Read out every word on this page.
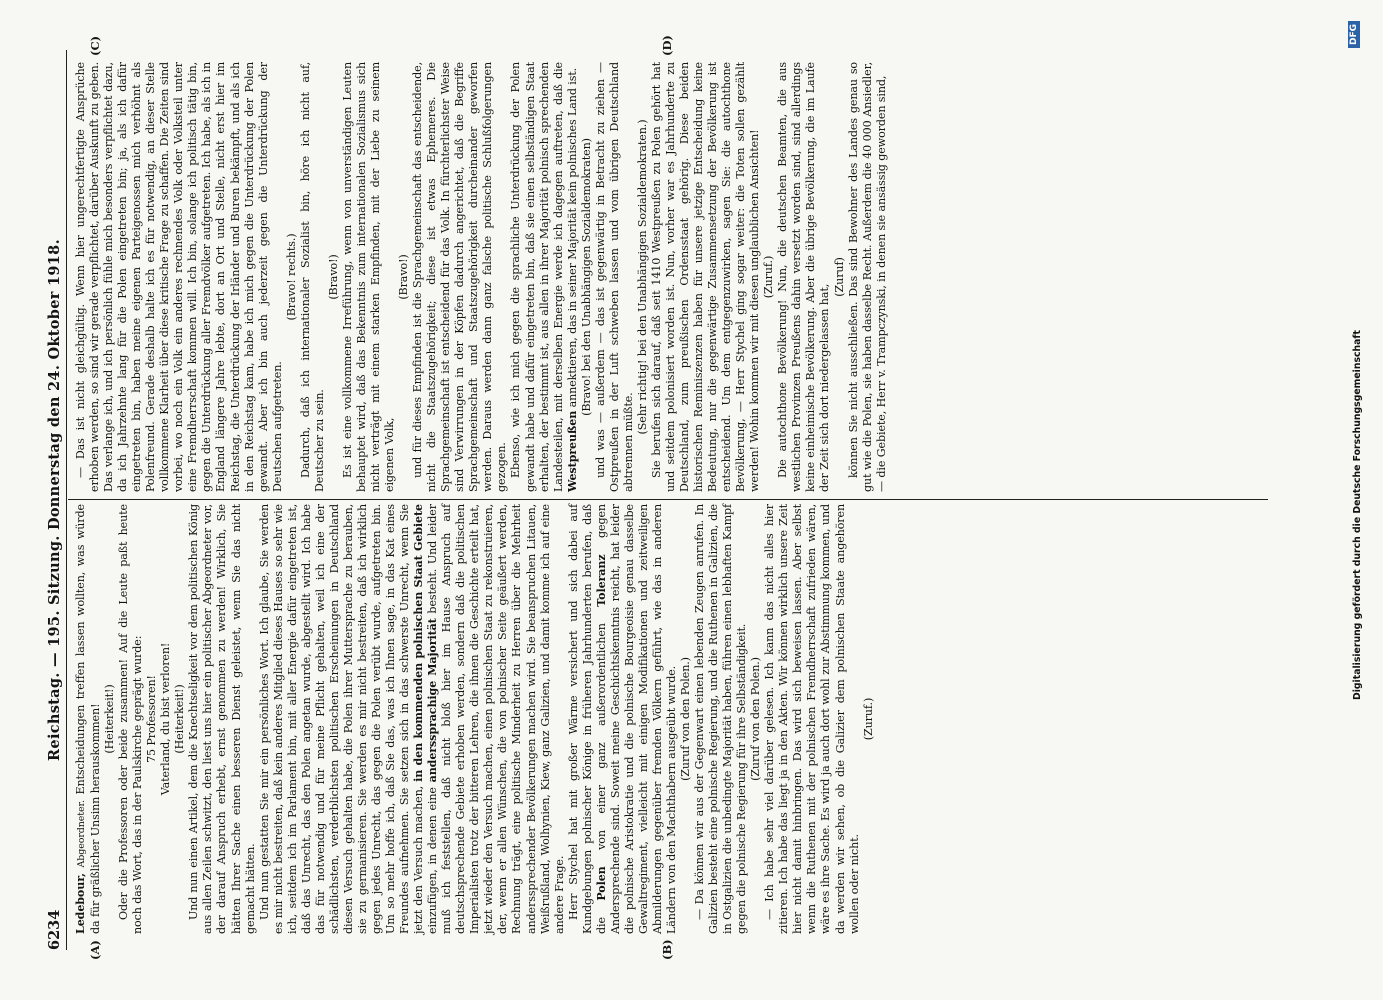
6234
Reichstag. — 195. Sitzung. Donnerstag den 24. Oktober 1918.
(A)	(B)
(C)	(D)

Ledebour, Abgeordneter. Entscheidungen treffen lassen wollten, was würde da für gräßlicher Unsinn herauskommen! (Heiterkeit!) Oder die Professoren oder beide zusammen! Auf die Leute paßt heute noch das Wort, das in der Paulskirche geprägt wurde: 75 Professoren! Vaterland, du bist verloren! (Heiterkeit!) Und nun einen Artikel, dem die Knechtseligkeit vor dem politischen König aus allen Zeilen schwitzt, den liest uns hier ein politischer Abgeordneter vor, der darauf Anspruch erhebt, ernst genommen zu werden! Wirklich, Sie hätten Ihrer Sache einen besseren Dienst geleistet, wenn Sie das nicht gemacht hätten. Und nun gestatten Sie mir ein persönliches Wort. Ich glaube, Sie werden es mir nicht bestreiten, daß kein anderes Mitglied dieses Hauses so sehr wie ich, seitdem ich im Parlament bin, mit aller Energie dafür eingetreten ist, daß das Unrecht, das den Polen angetan wurde, abgestellt wird. Ich habe das für notwendig und für meine Pflicht gehalten, weil ich eine der schädlichsten, verderblichsten politischen Erscheinungen in Deutschland diesen Versuch gehalten habe, die Polen ihrer Muttersprache zu berauben, sie zu germanisieren. Sie werden es mir nicht bestreiten, daß ich wirklich gegen jedes Unrecht, das gegen die Polen verübt wurde, aufgetreten bin. Um so mehr hoffe ich, daß Sie das, was ich Ihnen sage, in das Kat eines Freundes aufnehmen. Sie setzen sich in das schwerste Unrecht, wenn Sie jetzt den Versuch machen, in den kommenden polnischen Staat Gebiete einzufügen, in denen eine anderssprachige Majorität besteht. Und leider muß ich feststellen, daß nicht bloß hier im Hause Anspruch auf deutschsprechende Gebiete erhoben werden, sondern daß die politischen Imperialisten trotz der bitteren Lehren, die ihnen die Geschichte erteilt hat, jetzt wieder den Versuch machen, einen polnischen Staat zu rekonstruieren, der, wenn er allen Wünschen, die von polnischer Seite geäußert werden, Rechnung trägt, eine politische Minderheit zu Herren über die Mehrheit anderssprechender Bevölkerungen machen wird. Sie beanspruchen Litauen, Weißrußland, Wolhynien, Kiew, ganz Galizien, und damit komme ich auf eine andere Frage. Herr Stychel hat mit großer Wärme versichert und sich dabei auf Kundgebungen polnischer Könige in früheren Jahrhunderten berufen, daß die Polen von einer ganz außerordentlichen Toleranz gegen Andersprechende sind. Soweit meine Geschichtskenntnis reicht, hat leider die polnische Aristokratie und die polnische Bourgeoisie genau dasselbe Gewaltregiment, vielleicht mit einigen Modifikationen und zeitweiligen Abmilderungen gegenüber fremden Völkern geführt, wie das in anderen Ländern von den Machthabern ausgeübt wurde. (Zuruf von den Polen.) — Da können wir aus der Gegenwart einen lebenden Zeugen anrufen. In Galizien besteht eine polnische Regierung, und die Ruthenen in Galizien, die in Ostgalizien die unbedingte Majorität haben, führen einen lebhaften Kampf gegen die polnische Regierung für ihre Selbständigkeit. (Zuruf von den Polen.) — Ich habe sehr viel darüber gelesen. Ich kann das nicht alles hier zitieren. Ich habe das liegt ja in den Akten. Wir können wirklich unsere Zeit hier nicht damit hinbringen. Das wird sich beweisen lassen. Aber selbst wenn die Ruthenen mit der polnischen Fremdherrschaft zufrieden wären, wäre es ihre Sache. Es wird ja auch dort wohl zur Abstimmung kommen, und da werden wir sehen, ob die Galizier dem polnischen Staate angehören wollen oder nicht.

(Zuruf.)

— Das ist nicht gleichgültig. Wenn hier ungerechtfertigte Ansprüche erhoben werden, so sind wir gerade verpflichtet, darüber Auskunft zu geben. Das verlange ich, und ich persönlich fühle mich besonders verpflichtet dazu, da ich Jahrzehnte lang für die Polen eingetreten bin; ja, als ich dafür eingetreten bin, haben meine eigenen Parteigenossen mich verhöhnt als Polenfreund. Gerade deshalb halte ich es für notwendig, an dieser Stelle vollkommene Klarheit über diese kritische Frage zu schaffen. Die Zeiten sind vorbei, wo noch ein Volk ein anderes rechnendes Volk oder Volksteil unter eine Fremdherrschaft kommen will. Ich bin, solange ich politisch tätig bin, gegen die Unterdrückung aller Fremdvölker aufgetreten. Ich habe, als ich in England längere Jahre lebte, dort an Ort und Stelle, nicht erst hier im Reichstag, die Unterdrückung der Irländer und Buren bekämpft, und als ich in den Reichstag kam, habe ich mich gegen die Unterdrückung der Polen gewandt. Aber ich bin auch jederzeit gegen die Unterdrückung der Deutschen aufgetreten.

(Bravo! rechts.) Dadurch, daß ich internationaler Sozialist bin, höre ich nicht auf, Deutscher zu sein.

(Bravo!) Es ist eine vollkommene Irreführung, wenn von unverständigen Leuten behauptet wird, daß das Bekenntnis zum internationalen Sozialismus sich nicht verträgt mit einem starken Empfinden, mit der Liebe zu seinem eigenen Volk,

(Bravo!) und für dieses Empfinden ist die Sprachgemeinschaft das entscheidende, nicht die Staatszugehörigkeit; diese ist etwas Ephemeres. Die Sprachgemeinschaft ist entscheidend für das Volk. In fürchterlichster Weise sind Verwirrungen in der Köpfen dadurch angerichtet, daß die Begriffe Sprachgemeinschaft und Staatszugehörigkeit durcheinander geworfen werden. Daraus werden dann ganz falsche politische Schlußfolgerungen gezogen. Ebenso, wie ich mich gegen die sprachliche Unterdrückung der Polen gewandt habe und dafür eingetreten bin, daß sie einen selbständigen Staat erhalten, der bestimmt ist, aus allen in ihrer Majorität polnisch sprechenden Landesteilen, mit derselben Energie werde ich dagegen auftreten, daß die Westpreußen annektieren, das in seiner Majorität kein polnisches Land ist. (Bravo! bei den Unabhängigen Sozialdemokraten) und was — außerdem — das ist gegenwärtig in Betracht zu ziehen — Ostpreußen in der Luft schweben lassen und vom übrigen Deutschland abtrennen müßte.

(Sehr richtig! bei den Unabhängigen Sozialdemokraten.) Sie berufen sich darauf, daß seit 1410 Westpreußen zu Polen gehört hat und seitdem polonisiert worden ist. Nun, vorher war es Jahrhunderte zu Deutschland, zum preußischen Ordensstaat gehörig. Diese beiden historischen Reminiszenzen haben für unsere jetzige Entscheidung keine Bedeutung, nur die gegenwärtige Zusammensetzung der Bevölkerung ist entscheidend. Um dem entgegenzuwirken, sagen Sie: die autochthone Bevölkerung, — Herr Stychel ging sogar weiter: die Toten sollen gezählt werden! Wohin kommen wir mit diesen unglaublichen Ansichten! (Zuruf.) Die autochthone Bevölkerung! Nun, die deutschen Beamten, die aus westlichen Provinzen Preußens dahin versetzt worden sind, sind allerdings keine einheimische Bevölkerung. Aber die übrige Bevölkerung, die im Laufe der Zeit sich dort niedergelassen hat,

(Zuruf) können Sie nicht ausschließen. Das sind Bewohner des Landes genau so gut wie die Polen, sie haben dasselbe Recht. Außerdem die 40 000 Ansiedler, — die Gebiete, Herr v. Trampczynski, in denen sie ansässig geworden sind,

Digitalisierung gefördert durch die Deutsche Forschungsgemeinschaft
DFG
